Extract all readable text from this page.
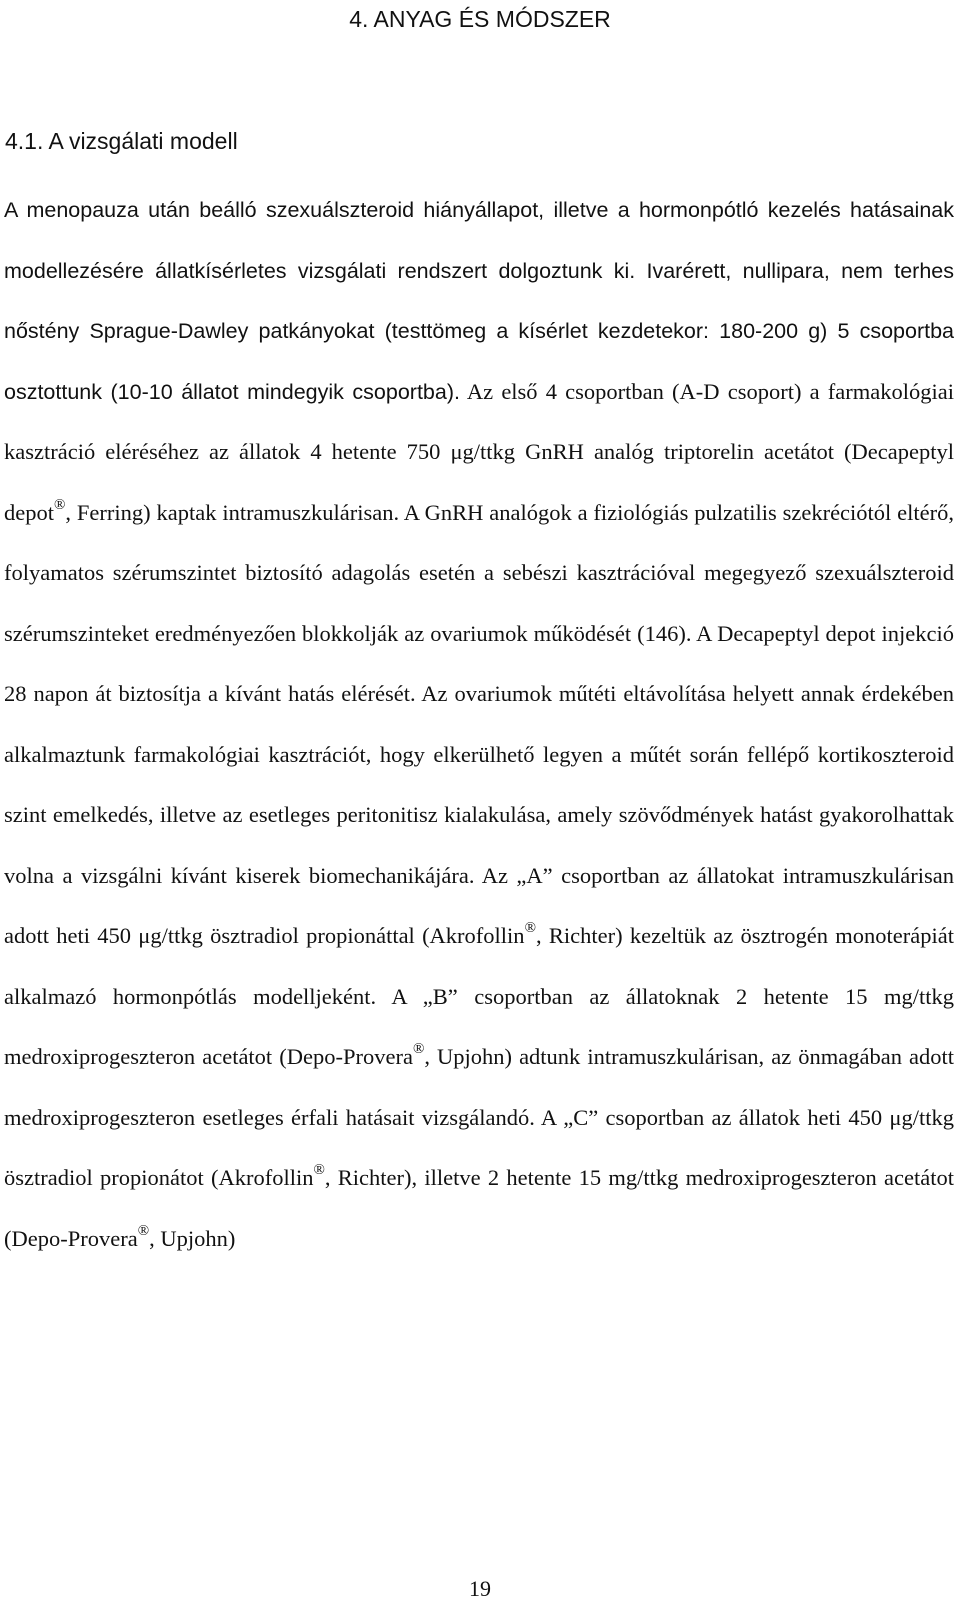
4. ANYAG ÉS MÓDSZER
4.1. A vizsgálati modell

A menopauza után beálló szexuálszteroid hiányállapot, illetve a hormonpótló kezelés hatásainak modellezésére állatkísérletes vizsgálati rendszert dolgoztunk ki. Ivarérett, nullipara, nem terhes nőstény Sprague-Dawley patkányokat (testtömeg a kísérlet kezdetekor: 180-200 g) 5 csoportba osztottunk (10-10 állatot mindegyik csoportba). Az első 4 csoportban (A-D csoport) a farmakológiai kasztráció eléréséhez az állatok 4 hetente 750 μg/ttkg GnRH analóg triptorelin acetátot (Decapeptyl depot®, Ferring) kaptak intramuszkulárisan. A GnRH analógok a fiziológiás pulzatilis szekréciótól eltérő, folyamatos szérumszintet biztosító adagolás esetén a sebészi kasztrációval megegyező szexuálszteroid szérumszinteket eredményezően blokkolják az ovariumok működését (146). A Decapeptyl depot injekció 28 napon át biztosítja a kívánt hatás elérését. Az ovariumok műtéti eltávolítása helyett annak érdekében alkalmaztunk farmakológiai kasztrációt, hogy elkerülhető legyen a műtét során fellépő kortikoszteroid szint emelkedés, illetve az esetleges peritonitisz kialakulása, amely szövődmények hatást gyakorolhattak volna a vizsgálni kívánt kiserek biomechanikájára. Az „A” csoportban az állatokat intramuszkulárisan adott heti 450 μg/ttkg ösztradiol propionáttal (Akrofollin®, Richter) kezeltük az ösztrogén monoterápiát alkalmazó hormonpótlás modelljeként. A „B” csoportban az állatoknak 2 hetente 15 mg/ttkg medroxiprogeszteron acetátot (Depo-Provera®, Upjohn) adtunk intramuszkulárisan, az önmagában adott medroxiprogeszteron esetleges érfali hatásait vizsgálandó. A „C” csoportban az állatok heti 450 μg/ttkg ösztradiol propionátot (Akrofollin®, Richter), illetve 2 hetente 15 mg/ttkg medroxiprogeszteron acetátot (Depo-Provera®, Upjohn)

19
